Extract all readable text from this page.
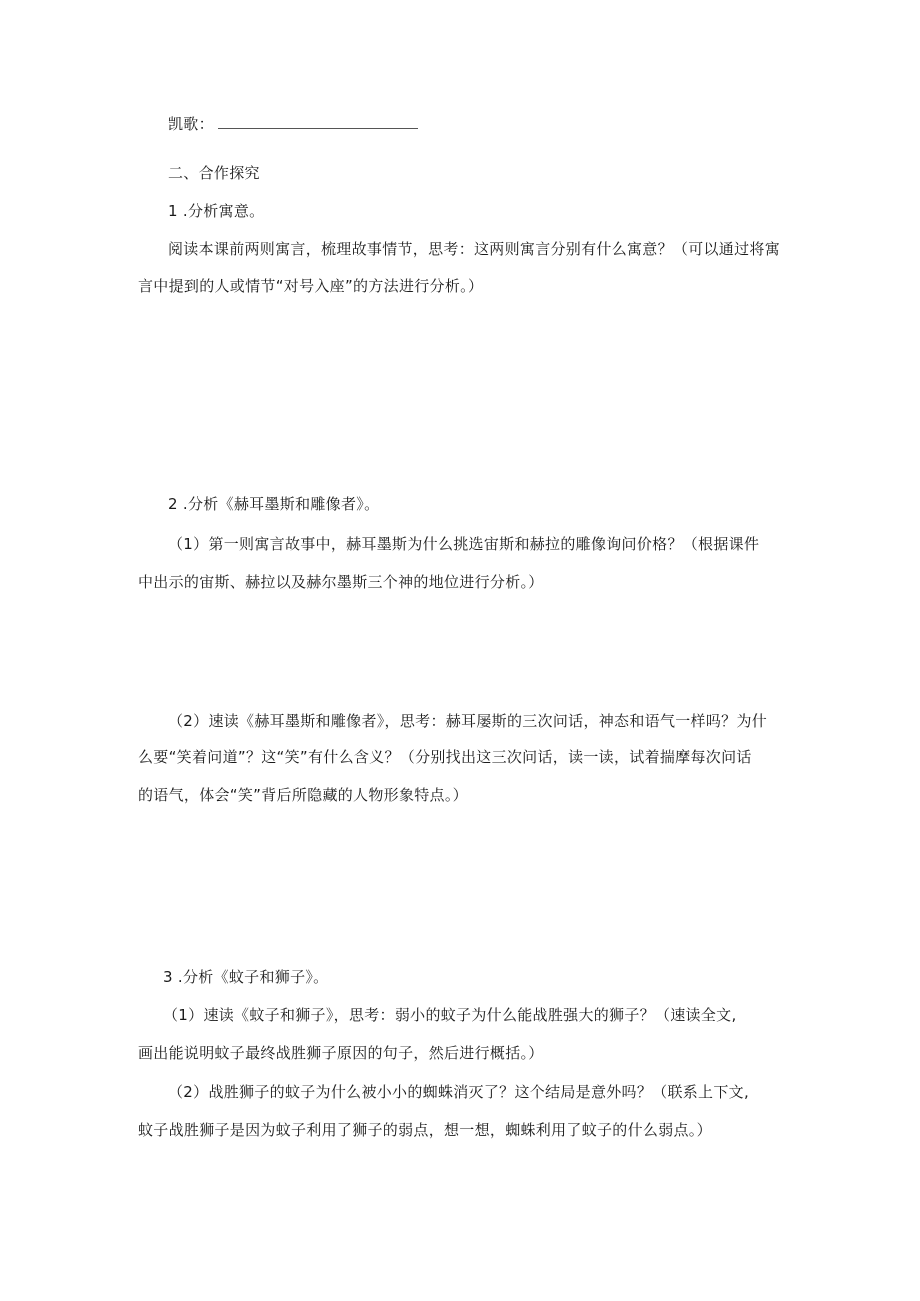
凯歌：
二、合作探究
1 .分析寓意。
阅读本课前两则寓言，梳理故事情节，思考：这两则寓言分别有什么寓意？（可以通过将寓
言中提到的人或情节“对号入座”的方法进行分析。）
2 .分析《赫耳墨斯和雕像者》。
（1）第一则寓言故事中，赫耳墨斯为什么挑选宙斯和赫拉的雕像询问价格？（根据课件
中出示的宙斯、赫拉以及赫尔墨斯三个神的地位进行分析。）
（2）速读《赫耳墨斯和雕像者》，思考：赫耳屡斯的三次问话，神态和语气一样吗？为什
么要“笑着问道”？这“笑”有什么含义？（分别找出这三次问话，读一读，试着揣摩每次问话
的语气，体会“笑”背后所隐藏的人物形象特点。）
3 .分析《蚊子和狮子》。
（1）速读《蚊子和狮子》，思考：弱小的蚊子为什么能战胜强大的狮子？（速读全文,
画出能说明蚊子最终战胜狮子原因的句子，然后进行概括。）
（2）战胜狮子的蚊子为什么被小小的蜘蛛消灭了？这个结局是意外吗？（联系上下文,
蚊子战胜狮子是因为蚊子利用了狮子的弱点，想一想，蜘蛛利用了蚊子的什么弱点。）
